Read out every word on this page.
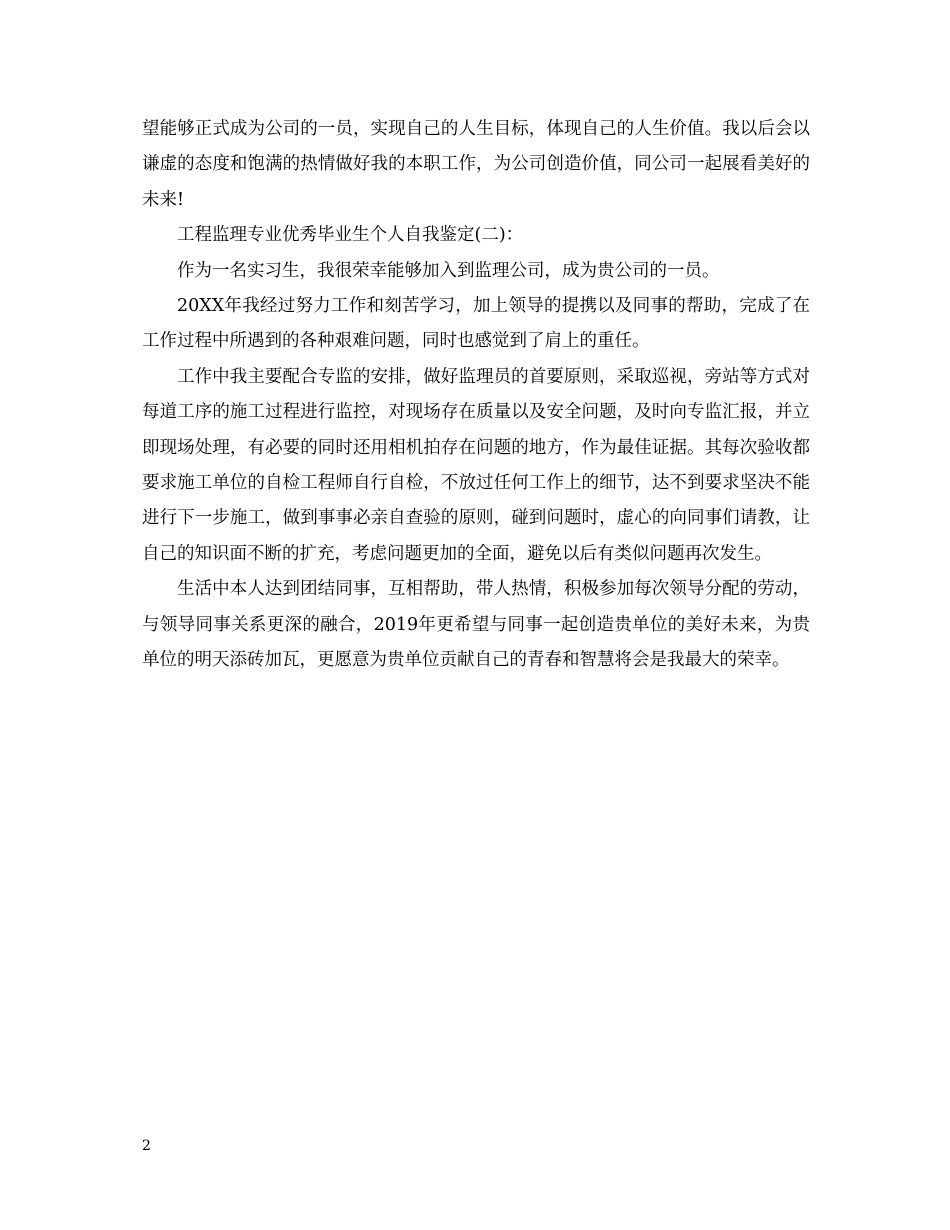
望能够正式成为公司的一员，实现自己的人生目标，体现自己的人生价值。我以后会以谦虚的态度和饱满的热情做好我的本职工作，为公司创造价值，同公司一起展看美好的未来!

工程监理专业优秀毕业生个人自我鉴定(二)：

作为一名实习生，我很荣幸能够加入到监理公司，成为贵公司的一员。

20XX年我经过努力工作和刻苦学习，加上领导的提携以及同事的帮助，完成了在工作过程中所遇到的各种艰难问题，同时也感觉到了肩上的重任。

工作中我主要配合专监的安排，做好监理员的首要原则，采取巡视，旁站等方式对每道工序的施工过程进行监控，对现场存在质量以及安全问题，及时向专监汇报，并立即现场处理，有必要的同时还用相机拍存在问题的地方，作为最佳证据。其每次验收都要求施工单位的自检工程师自行自检，不放过任何工作上的细节，达不到要求坚决不能进行下一步施工，做到事事必亲自查验的原则，碰到问题时，虚心的向同事们请教，让自己的知识面不断的扩充，考虑问题更加的全面，避免以后有类似问题再次发生。

生活中本人达到团结同事，互相帮助，带人热情，积极参加每次领导分配的劳动，与领导同事关系更深的融合，2019年更希望与同事一起创造贵单位的美好未来，为贵单位的明天添砖加瓦，更愿意为贵单位贡献自己的青春和智慧将会是我最大的荣幸。

2
